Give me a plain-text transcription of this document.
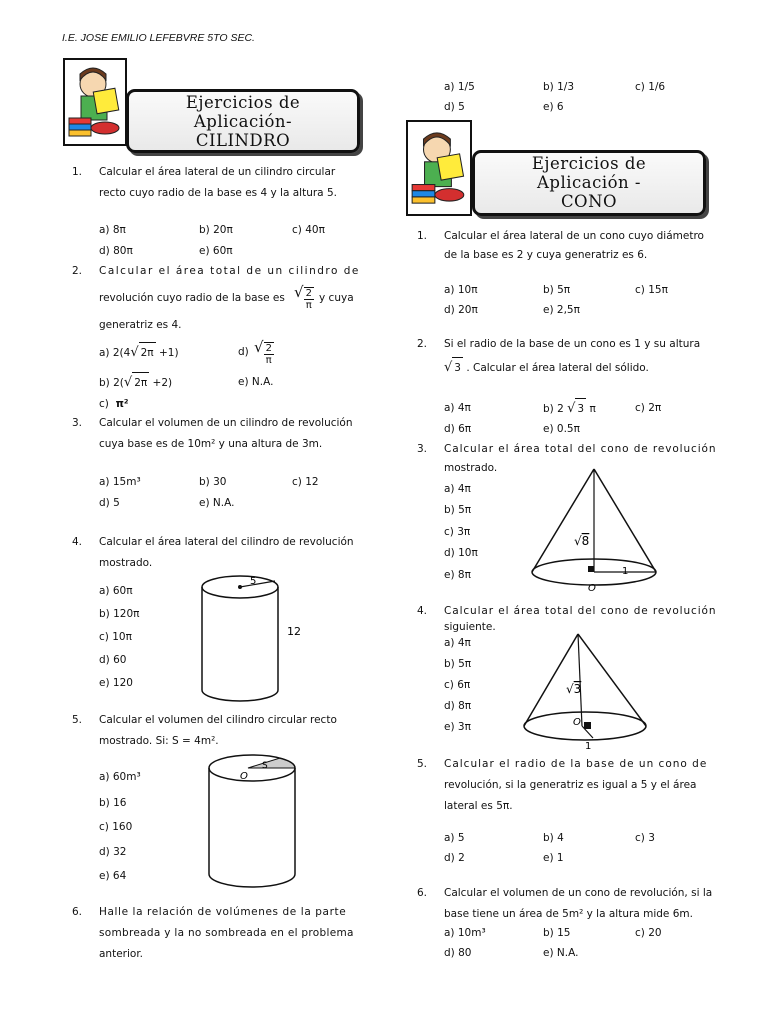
I.E. JOSE EMILIO LEFEBVRE 5TO SEC.
Ejercicios de
Aplicación-
CILINDRO
1. Calcular el área lateral de un cilindro circular
recto cuyo radio de la base es 4 y la altura 5.
a) 8π	b) 20π	c) 40π
d) 80π	e) 60π
2. Calcular el área total de un cilindro de
revolución cuyo radio de la base es √ $\frac{2}{\pi}$ y cuya
generatriz es 4.
a) 2(4√ 2π +1)	d) √ $\frac{2}{\pi}$
b) 2(√ 2π +2)	e) N.A.
c) π²
3. Calcular el volumen de un cilindro de revolución
cuya base es de 10m² y una altura de 3m.
a) 15m³	b) 30	c) 12
d) 5	e) N.A.
4. Calcular el área lateral del cilindro de revolución
mostrado.
a) 60π
b) 120π
c) 10π
d) 60
e) 120
5
12
5. Calcular el volumen del cilindro circular recto
mostrado. Si: S = 4m².
a) 60m³
b) 16
c) 160
d) 32
e) 64
O
S
6. Halle la relación de volúmenes de la parte
sombreada y la no sombreada en el problema
anterior.
a) 1/5	b) 1/3	c) 1/6
d) 5	e) 6
Ejercicios de
Aplicación -
CONO
1. Calcular el área lateral de un cono cuyo diámetro
de la base es 2 y cuya generatriz es 6.
a) 10π	b) 5π	c) 15π
d) 20π	e) 2,5π
2. Si el radio de la base de un cono es 1 y su altura
√ 3 . Calcular el área lateral del sólido.
a) 4π	b) 2 √ 3 π	c) 2π
d) 6π	e) 0.5π
3. Calcular el área total del cono de revolución
mostrado.
a) 4π
b) 5π
c) 3π
d) 10π
e) 8π
√8
1
O
4. Calcular el área total del cono de revolución
siguiente.
a) 4π
b) 5π
c) 6π
d) 8π
e) 3π
√3
O
1
5. Calcular el radio de la base de un cono de
revolución, si la generatriz es igual a 5 y el área
lateral es 5π.
a) 5	b) 4	c) 3
d) 2	e) 1
6. Calcular el volumen de un cono de revolución, si la
base tiene un área de 5m² y la altura mide 6m.
a) 10m³	b) 15	c) 20
d) 80	e) N.A.
